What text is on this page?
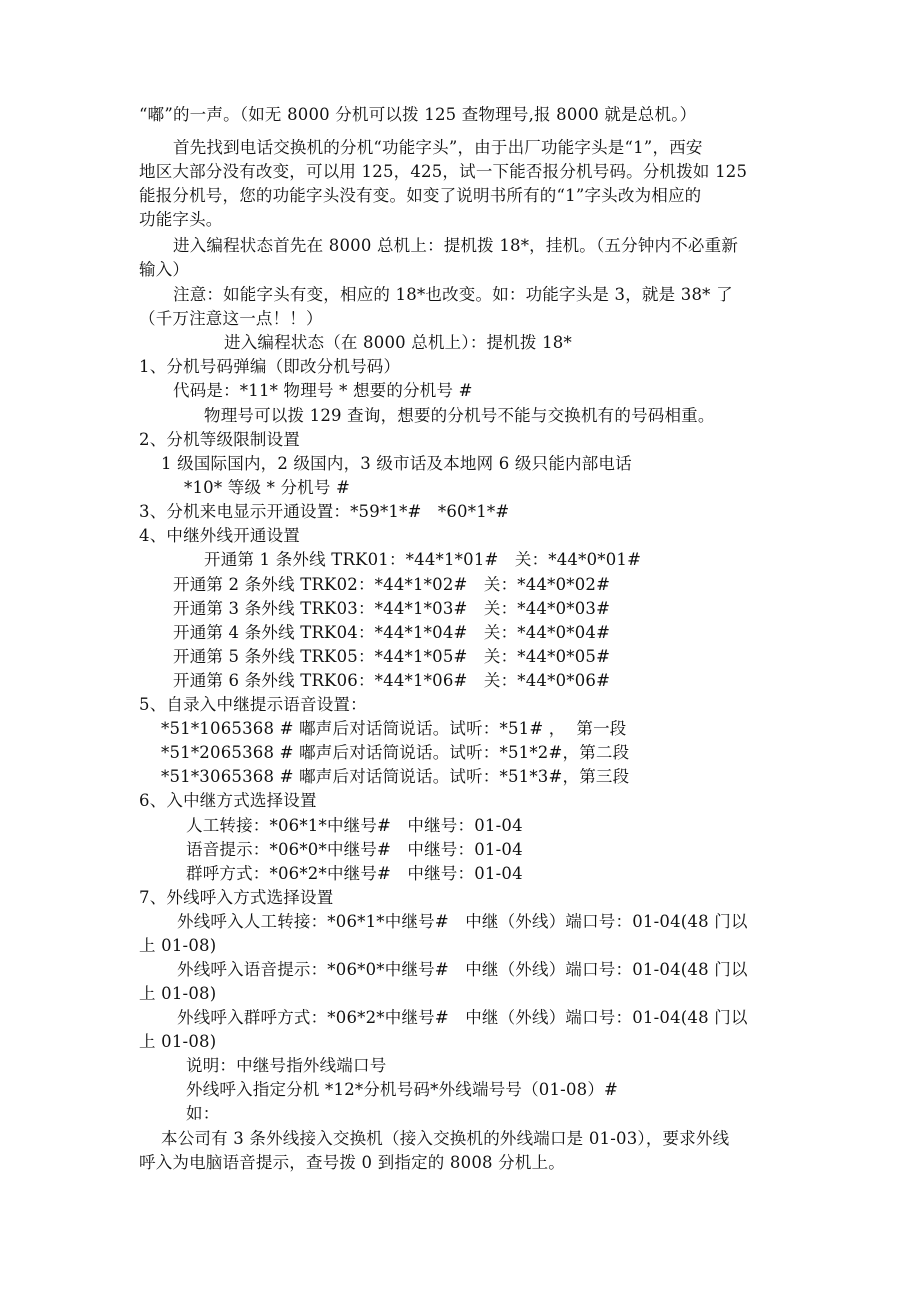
“嘟”的一声。（如无 8000 分机可以拨 125 查物理号,报 8000 就是总机。）
首先找到电话交换机的分机“功能字头”，由于出厂功能字头是“1”，西安
地区大部分没有改变，可以用 125，425，试一下能否报分机号码。分机拨如 125
能报分机号，您的功能字头没有变。如变了说明书所有的“1”字头改为相应的
功能字头。
进入编程状态首先在 8000 总机上：提机拨 18*，挂机。（五分钟内不必重新
输入）
注意：如能字头有变，相应的 18*也改变。如：功能字头是 3，就是 38* 了
（千万注意这一点！！）
进入编程状态（在 8000 总机上）：提机拨 18*
1、分机号码弹编（即改分机号码）
代码是：*11* 物理号 * 想要的分机号 #
物理号可以拨 129 查询，想要的分机号不能与交换机有的号码相重。
2、分机等级限制设置
1 级国际国内，2 级国内，3 级市话及本地网 6 级只能内部电话
*10* 等级 * 分机号 #
3、分机来电显示开通设置：*59*1*#   *60*1*#
4、中继外线开通设置
开通第 1 条外线 TRK01：*44*1*01#   关：*44*0*01#
开通第 2 条外线 TRK02：*44*1*02#   关：*44*0*02#
开通第 3 条外线 TRK03：*44*1*03#   关：*44*0*03#
开通第 4 条外线 TRK04：*44*1*04#   关：*44*0*04#
开通第 5 条外线 TRK05：*44*1*05#   关：*44*0*05#
开通第 6 条外线 TRK06：*44*1*06#   关：*44*0*06#
5、自录入中继提示语音设置：
*51*1065368 # 嘟声后对话筒说话。试听：*51# ，  第一段
*51*2065368 # 嘟声后对话筒说话。试听：*51*2#，第二段
*51*3065368 # 嘟声后对话筒说话。试听：*51*3#，第三段
6、入中继方式选择设置
人工转接：*06*1*中继号#   中继号：01-04
语音提示：*06*0*中继号#   中继号：01-04
群呼方式：*06*2*中继号#   中继号：01-04
7、外线呼入方式选择设置
外线呼入人工转接：*06*1*中继号#   中继（外线）端口号：01-04(48 门以
上 01-08)
外线呼入语音提示：*06*0*中继号#   中继（外线）端口号：01-04(48 门以
上 01-08)
外线呼入群呼方式：*06*2*中继号#   中继（外线）端口号：01-04(48 门以
上 01-08)
说明：中继号指外线端口号
外线呼入指定分机 *12*分机号码*外线端号号（01-08）#
如：
本公司有 3 条外线接入交换机（接入交换机的外线端口是 01-03），要求外线
呼入为电脑语音提示，查号拨 0 到指定的 8008 分机上。
